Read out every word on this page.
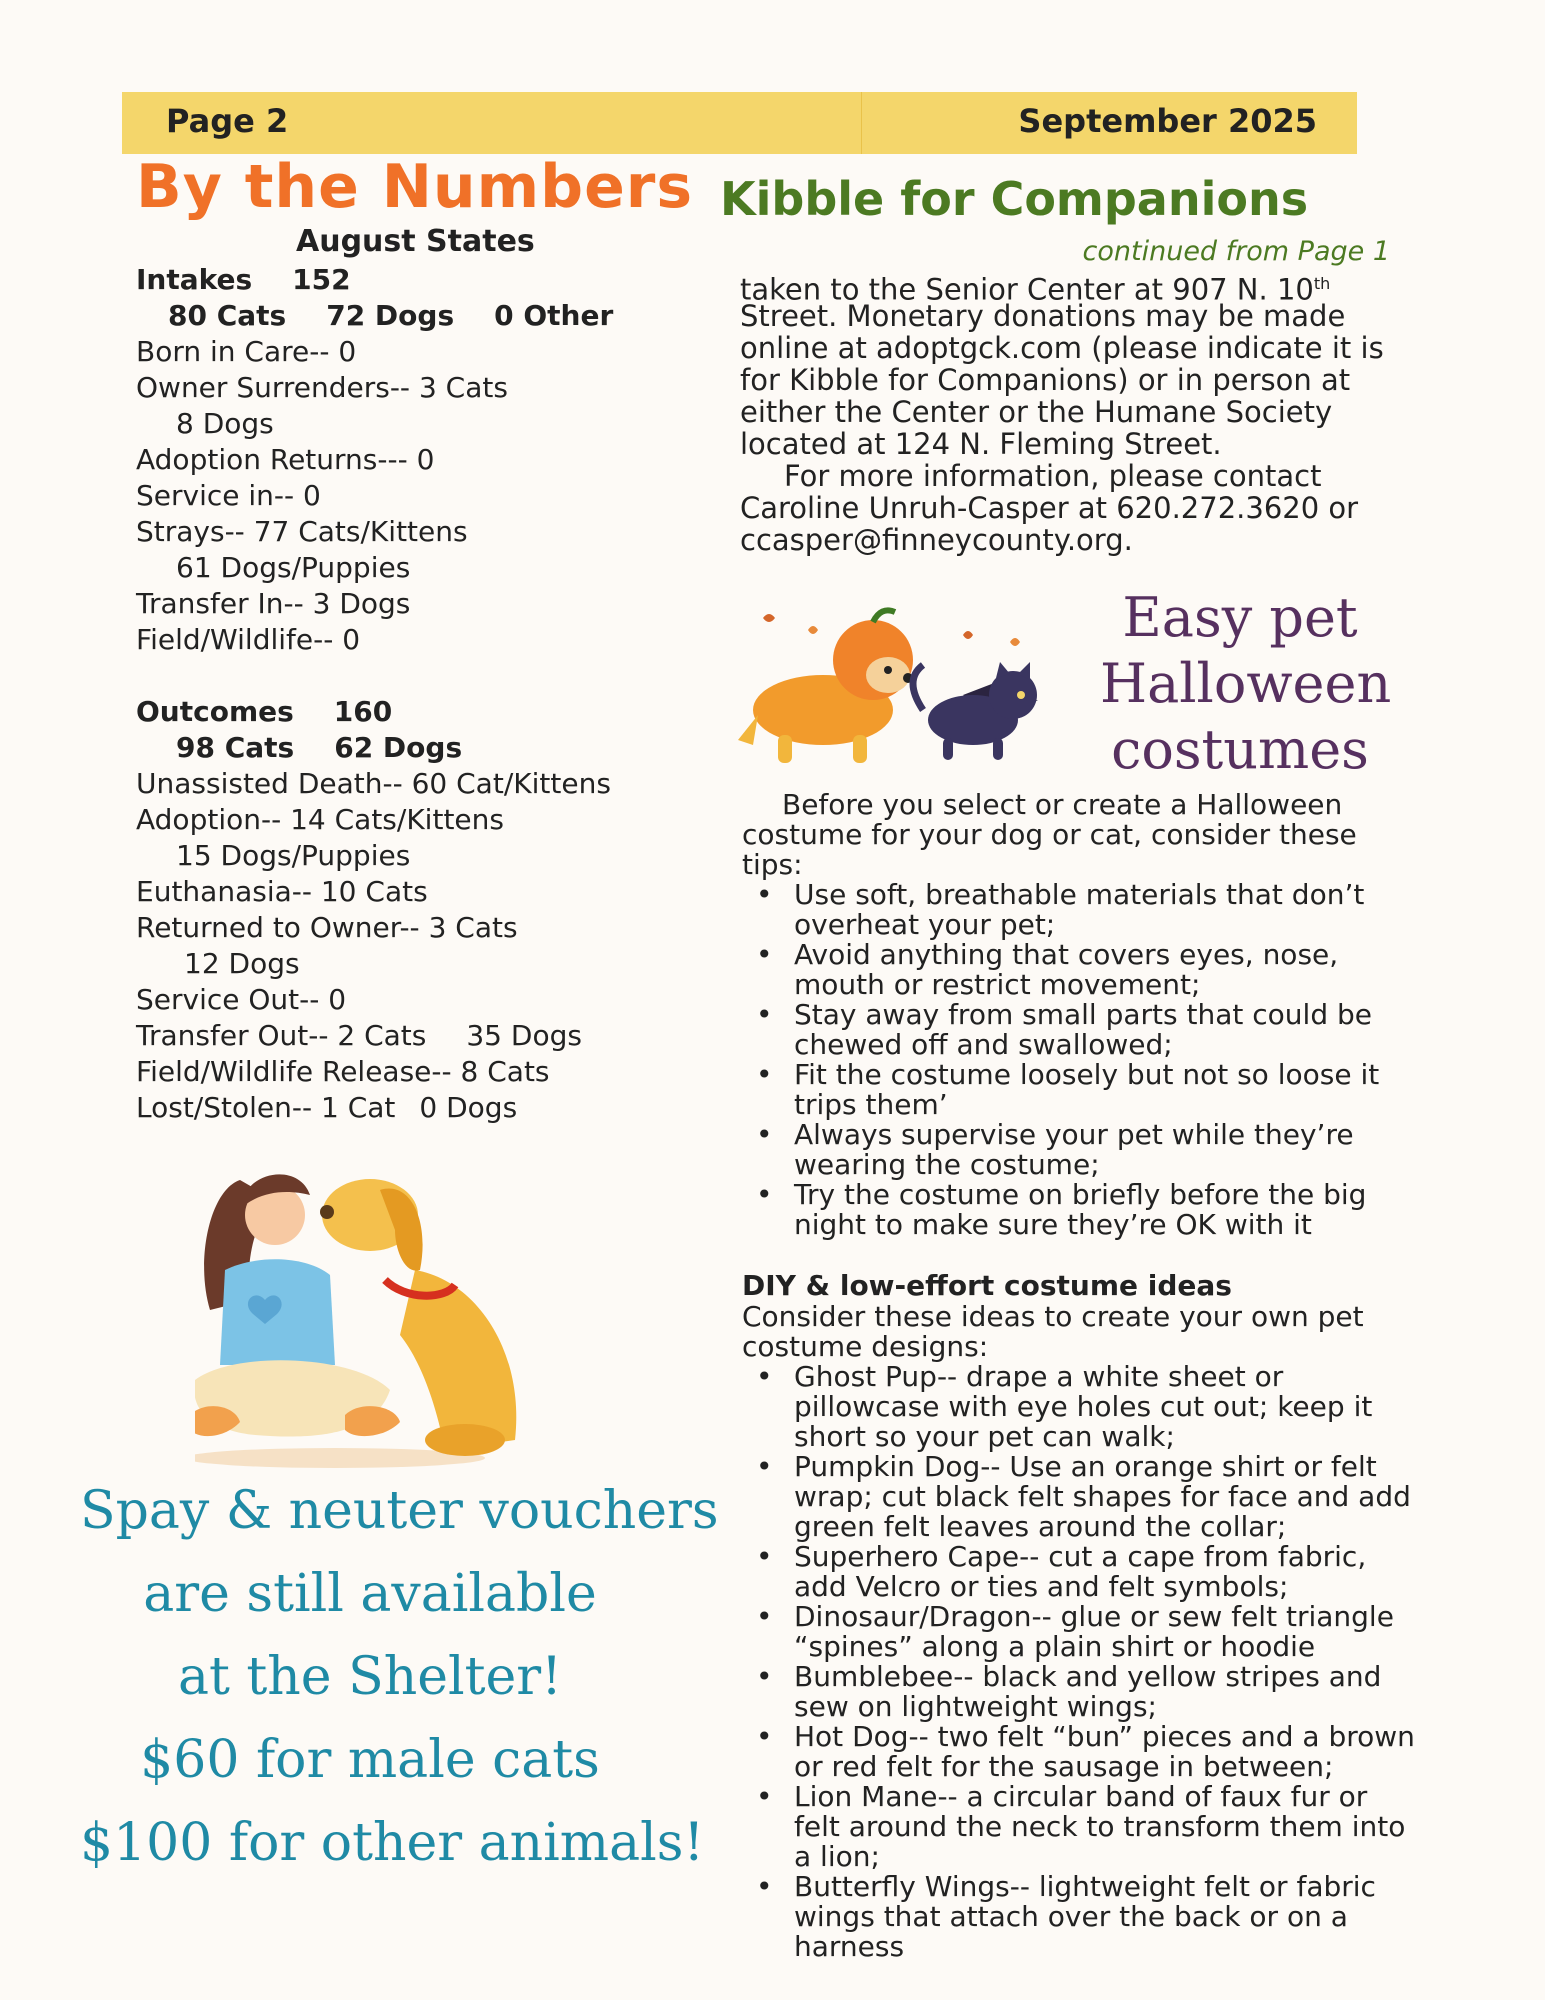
Page 2	September 2025
By the Numbers
August States
Intakes 152
80 Cats 72 Dogs 0 Other
Born in Care-- 0
Owner Surrenders-- 3 Cats
8 Dogs
Adoption Returns--- 0
Service in-- 0
Strays-- 77 Cats/Kittens
61 Dogs/Puppies
Transfer In-- 3 Dogs
Field/Wildlife-- 0
Outcomes 160
98 Cats 62 Dogs
Unassisted Death-- 60 Cat/Kittens
Adoption-- 14 Cats/Kittens
15 Dogs/Puppies
Euthanasia-- 10 Cats
Returned to Owner-- 3 Cats
12 Dogs
Service Out-- 0
Transfer Out-- 2 Cats 35 Dogs
Field/Wildlife Release-- 8 Cats
Lost/Stolen-- 1 Cat 0 Dogs
Spay & neuter vouchers
are still available
at the Shelter!
$60 for male cats
$100 for other animals!
Kibble for Companions
continued from Page 1
taken to the Senior Center at 907 N. 10th
Street. Monetary donations may be made
online at adoptgck.com (please indicate it is
for Kibble for Companions) or in person at
either the Center or the Humane Society
located at 124 N. Fleming Street.
For more information, please contact
Caroline Unruh-Casper at 620.272.3620 or
ccasper@finneycounty.org.
Easy pet
Halloween
costumes
Before you select or create a Halloween costume for your dog or cat, consider these tips:
• Use soft, breathable materials that don’t overheat your pet;
• Avoid anything that covers eyes, nose, mouth or restrict movement;
• Stay away from small parts that could be chewed off and swallowed;
• Fit the costume loosely but not so loose it trips them’
• Always supervise your pet while they’re wearing the costume;
• Try the costume on briefly before the big night to make sure they’re OK with it
DIY & low-effort costume ideas
Consider these ideas to create your own pet costume designs:
• Ghost Pup-- drape a white sheet or pillowcase with eye holes cut out; keep it short so your pet can walk;
• Pumpkin Dog-- Use an orange shirt or felt wrap; cut black felt shapes for face and add green felt leaves around the collar;
• Superhero Cape-- cut a cape from fabric, add Velcro or ties and felt symbols;
• Dinosaur/Dragon-- glue or sew felt triangle “spines” along a plain shirt or hoodie
• Bumblebee-- black and yellow stripes and sew on lightweight wings;
• Hot Dog-- two felt “bun” pieces and a brown or red felt for the sausage in between;
• Lion Mane-- a circular band of faux fur or felt around the neck to transform them into a lion;
• Butterfly Wings-- lightweight felt or fabric wings that attach over the back or on a harness
